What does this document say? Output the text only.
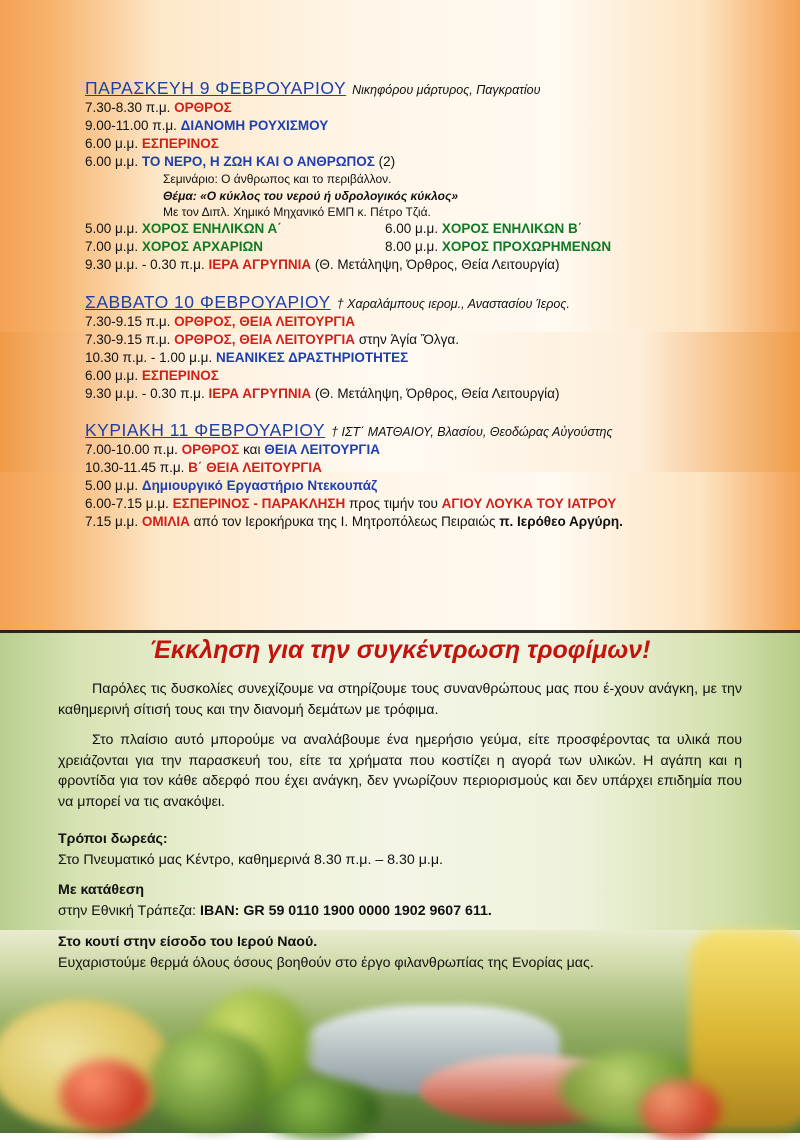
ΠΑΡΑΣΚΕΥΗ 9 ΦΕΒΡΟΥΑΡΙΟΥ Νικηφόρου μάρτυρος, Παγκρατίου
7.30-8.30 π.μ. ΟΡΘΡΟΣ
9.00-11.00 π.μ. ΔΙΑΝΟΜΗ ΡΟΥΧΙΣΜΟΥ
6.00 μ.μ. ΕΣΠΕΡΙΝΟΣ
6.00 μ.μ. ΤΟ ΝΕΡΟ, Η ΖΩΗ ΚΑΙ Ο ΑΝΘΡΩΠΟΣ (2)
Σεμινάριο: Ο άνθρωπος και το περιβάλλον.
Θέμα: «Ο κύκλος του νερού ή υδρολογικός κύκλος»
Με τον Διπλ. Χημικό Μηχανικό ΕΜΠ κ. Πέτρο Τζιά.
5.00 μ.μ. ΧΟΡΟΣ ΕΝΗΛΙΚΩΝ Α΄	6.00 μ.μ. ΧΟΡΟΣ ΕΝΗΛΙΚΩΝ Β΄
7.00 μ.μ. ΧΟΡΟΣ ΑΡΧΑΡΙΩΝ	8.00 μ.μ. ΧΟΡΟΣ ΠΡΟΧΩΡΗΜΕΝΩΝ
9.30 μ.μ. - 0.30 π.μ. ΙΕΡΑ ΑΓΡΥΠΝΙΑ (Θ. Μετάληψη, Όρθρος, Θεία Λειτουργία)
ΣΑΒΒΑΤΟ 10 ΦΕΒΡΟΥΑΡΙΟΥ † Χαραλάμπους ιερομ., Αναστασίου Ίερος.
7.30-9.15 π.μ. ΟΡΘΡΟΣ, ΘΕΙΑ ΛΕΙΤΟΥΡΓΙΑ
7.30-9.15 π.μ. ΟΡΘΡΟΣ, ΘΕΙΑ ΛΕΙΤΟΥΡΓΙΑ στην Ἁγία Ὄλγα.
10.30 π.μ. - 1.00 μ.μ. ΝΕΑΝΙΚΕΣ ΔΡΑΣΤΗΡΙΟΤΗΤΕΣ
6.00 μ.μ. ΕΣΠΕΡΙΝΟΣ
9.30 μ.μ. - 0.30 π.μ. ΙΕΡΑ ΑΓΡΥΠΝΙΑ (Θ. Μετάληψη, Όρθρος, Θεία Λειτουργία)
ΚΥΡΙΑΚΗ 11 ΦΕΒΡΟΥΑΡΙΟΥ † ΙΣΤ΄ ΜΑΤΘΑΙΟΥ, Βλασίου, Θεοδώρας Αὐγούστης
7.00-10.00 π.μ. ΟΡΘΡΟΣ και ΘΕΙΑ ΛΕΙΤΟΥΡΓΙΑ
10.30-11.45 π.μ. Β΄ ΘΕΙΑ ΛΕΙΤΟΥΡΓΙΑ
5.00 μ.μ. Δημιουργικό Εργαστήριο Ντεκουπάζ
6.00-7.15 μ.μ. ΕΣΠΕΡΙΝΟΣ - ΠΑΡΑΚΛΗΣΗ προς τιμήν του ΑΓΙΟΥ ΛΟΥΚΑ ΤΟΥ ΙΑΤΡΟΥ
7.15 μ.μ. ΟΜΙΛΙΑ από τον Ιεροκήρυκα της Ι. Μητροπόλεως Πειραιώς π. Ιερόθεο Αργύρη.
Έκκληση για την συγκέντρωση τροφίμων!

Παρόλες τις δυσκολίες συνεχίζουμε να στηρίζουμε τους συνανθρώπους μας που έ-χουν ανάγκη, με την καθημερινή σίτισή τους και την διανομή δεμάτων με τρόφιμα.

Στο πλαίσιο αυτό μπορούμε να αναλάβουμε ένα ημερήσιο γεύμα, είτε προσφέροντας τα υλικά που χρειάζονται για την παρασκευή του, είτε τα χρήματα που κοστίζει η αγορά των υλικών. Η αγάπη και η φροντίδα για τον κάθε αδερφό που έχει ανάγκη, δεν γνωρίζουν περιορισμούς και δεν υπάρχει επιδημία που να μπορεί να τις ανακόψει.

Τρόποι δωρεάς:
Στο Πνευματικό μας Κέντρο, καθημερινά 8.30 π.μ. – 8.30 μ.μ.
Με κατάθεση
στην Εθνική Τράπεζα: IBAN: GR 59 0110 1900 0000 1902 9607 611.
Στο κουτί στην είσοδο του Ιερού Ναού.
Ευχαριστούμε θερμά όλους όσους βοηθούν στο έργο φιλανθρωπίας της Ενορίας μας.
